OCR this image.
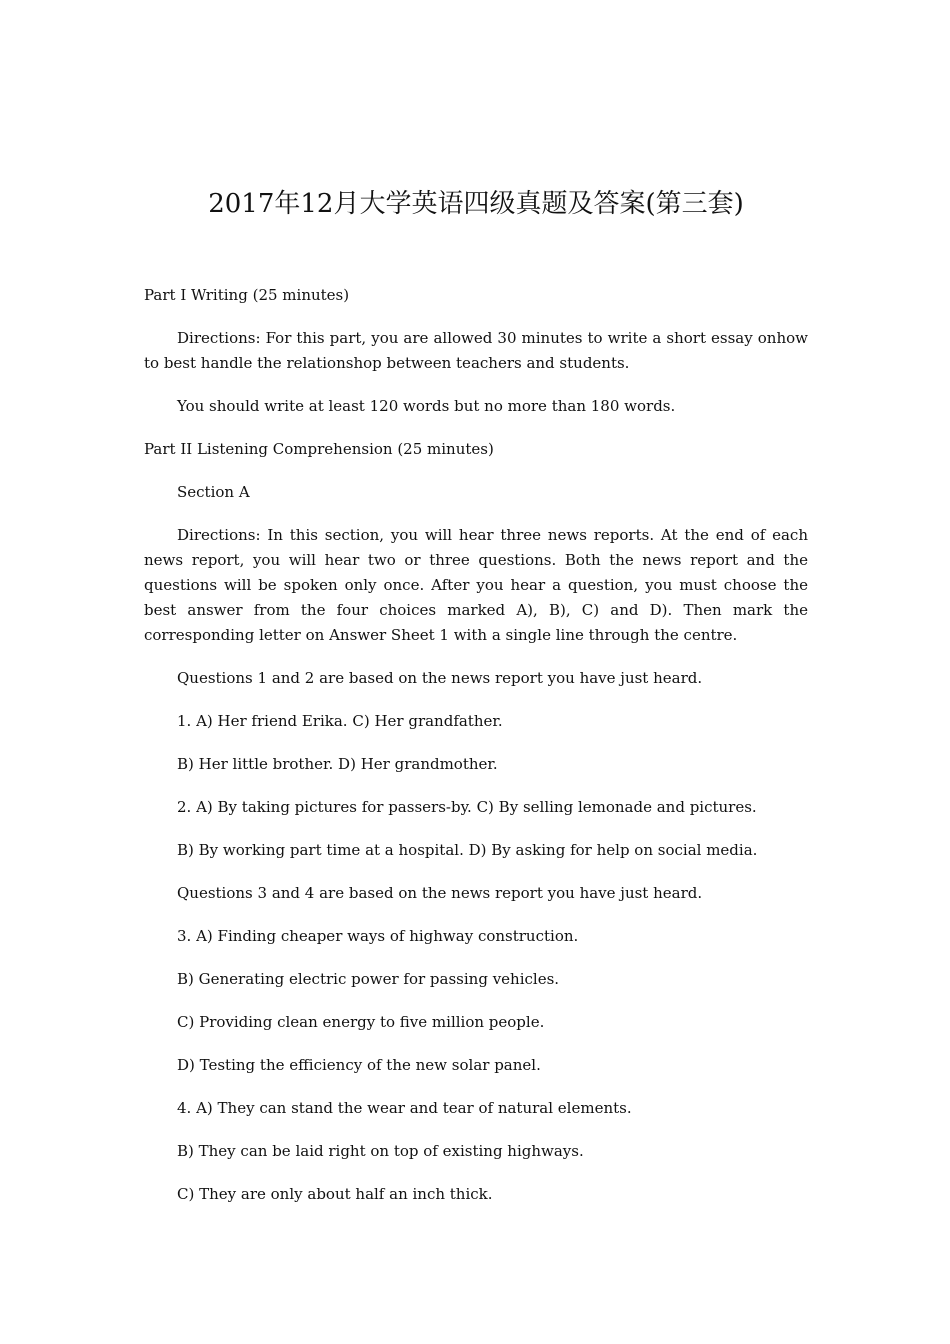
2017年12月大学英语四级真题及答案(第三套)

Part I Writing (25 minutes)

Directions: For this part, you are allowed 30 minutes to write a short essay onhow to best handle the relationshop between teachers and students.

You should write at least 120 words but no more than 180 words.

Part II Listening Comprehension (25 minutes)

Section A

Directions: In this section, you will hear three news reports. At the end of each news report, you will hear two or three questions. Both the news report and the questions will be spoken only once. After you hear a question, you must choose the best answer from the four choices marked A), B), C) and D). Then mark the corresponding letter on Answer Sheet 1 with a single line through the centre.

Questions 1 and 2 are based on the news report you have just heard.

1. A) Her friend Erika. C) Her grandfather.

B) Her little brother. D) Her grandmother.

2. A) By taking pictures for passers-by. C) By selling lemonade and pictures.

B) By working part time at a hospital. D) By asking for help on social media.

Questions 3 and 4 are based on the news report you have just heard.

3. A) Finding cheaper ways of highway construction.

B) Generating electric power for passing vehicles.

C) Providing clean energy to five million people.

D) Testing the efficiency of the new solar panel.

4. A) They can stand the wear and tear of natural elements.

B) They can be laid right on top of existing highways.

C) They are only about half an inch thick.
